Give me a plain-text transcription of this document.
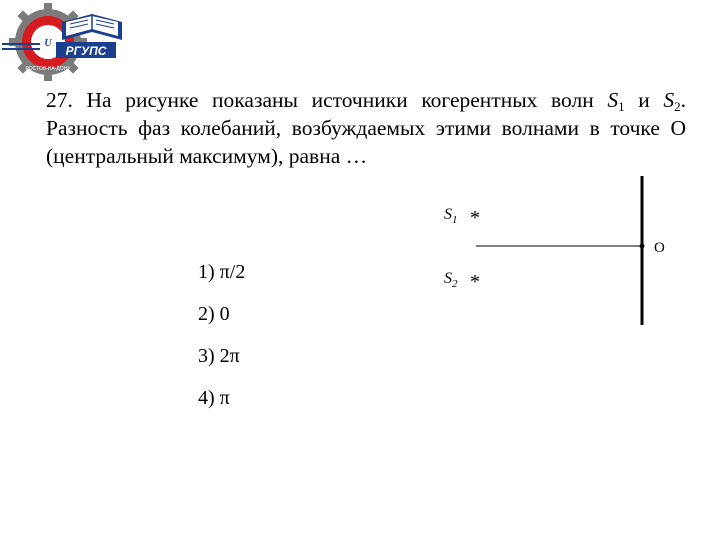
U
РГУПС
РОСТОВ-НА-ДОНУ
27. На рисунке показаны источники когерентных волн $S_1$ и $S_2$. Разность фаз колебаний, возбуждаемых этими волнами в точке О (центральный максимум), равна …
1) π/2
2) 0
3) 2π
4) π
O
$S_1$ *
$S_2$ *
